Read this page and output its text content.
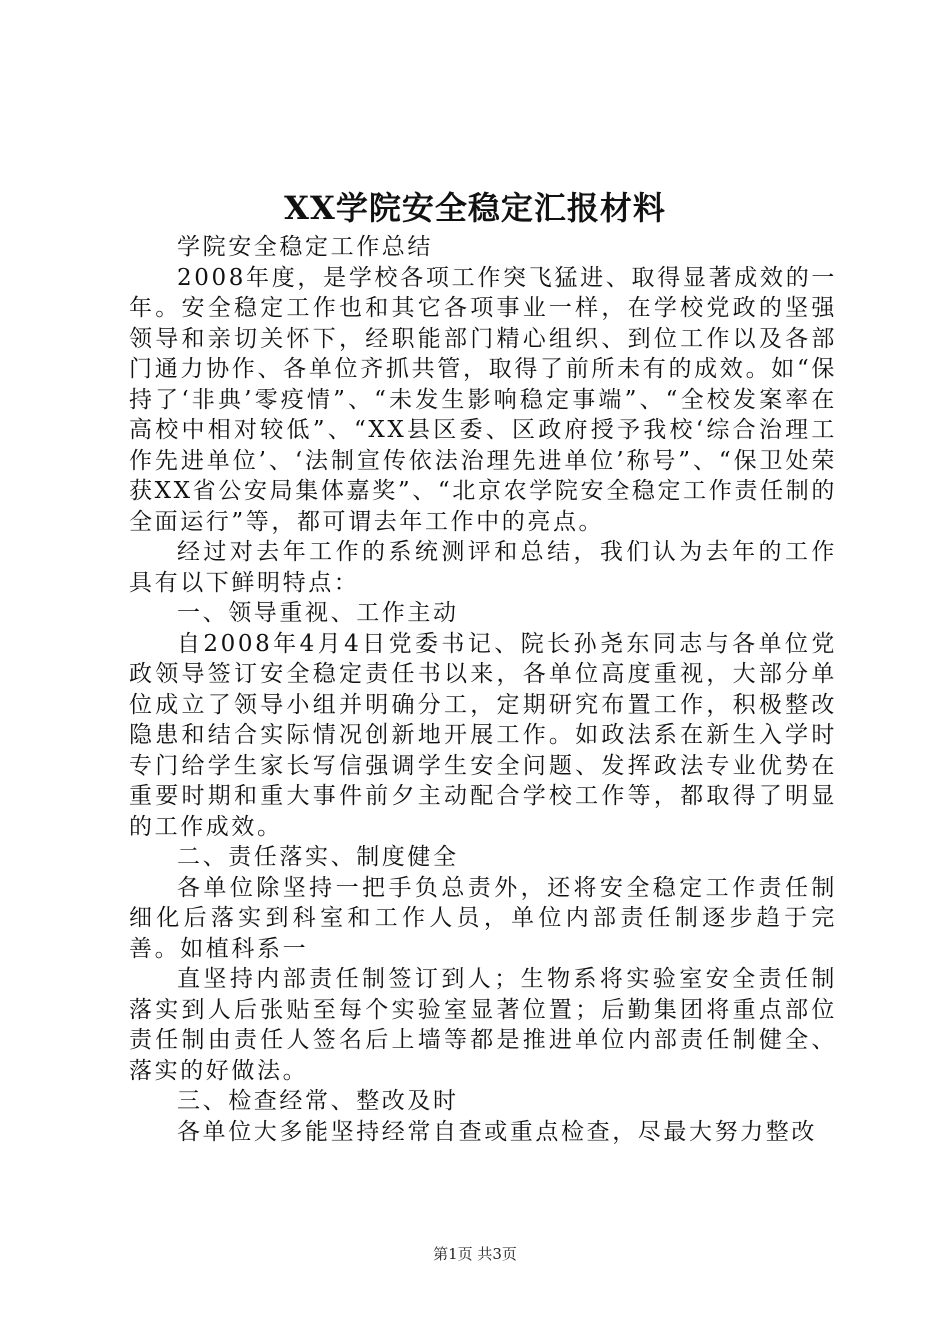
XX学院安全稳定汇报材料

学院安全稳定工作总结

2008年度，是学校各项工作突飞猛进、取得显著成效的一年。安全稳定工作也和其它各项事业一样，在学校党政的坚强领导和亲切关怀下，经职能部门精心组织、到位工作以及各部门通力协作、各单位齐抓共管，取得了前所未有的成效。如“保持了‘非典’零疫情”、“未发生影响稳定事端”、“全校发案率在高校中相对较低”、“XX县区委、区政府授予我校‘综合治理工作先进单位’、‘法制宣传依法治理先进单位’称号”、“保卫处荣获XX省公安局集体嘉奖”、“北京农学院安全稳定工作责任制的全面运行”等，都可谓去年工作中的亮点。

经过对去年工作的系统测评和总结，我们认为去年的工作具有以下鲜明特点：

一、领导重视、工作主动

自2008年4月4日党委书记、院长孙尧东同志与各单位党政领导签订安全稳定责任书以来，各单位高度重视，大部分单位成立了领导小组并明确分工，定期研究布置工作，积极整改隐患和结合实际情况创新地开展工作。如政法系在新生入学时专门给学生家长写信强调学生安全问题、发挥政法专业优势在重要时期和重大事件前夕主动配合学校工作等，都取得了明显的工作成效。

二、责任落实、制度健全

各单位除坚持一把手负总责外，还将安全稳定工作责任制细化后落实到科室和工作人员，单位内部责任制逐步趋于完善。如植科系一

直坚持内部责任制签订到人；生物系将实验室安全责任制落实到人后张贴至每个实验室显著位置；后勤集团将重点部位责任制由责任人签名后上墙等都是推进单位内部责任制健全、落实的好做法。

三、检查经常、整改及时

各单位大多能坚持经常自查或重点检查，尽最大努力整改

第1页 共3页
